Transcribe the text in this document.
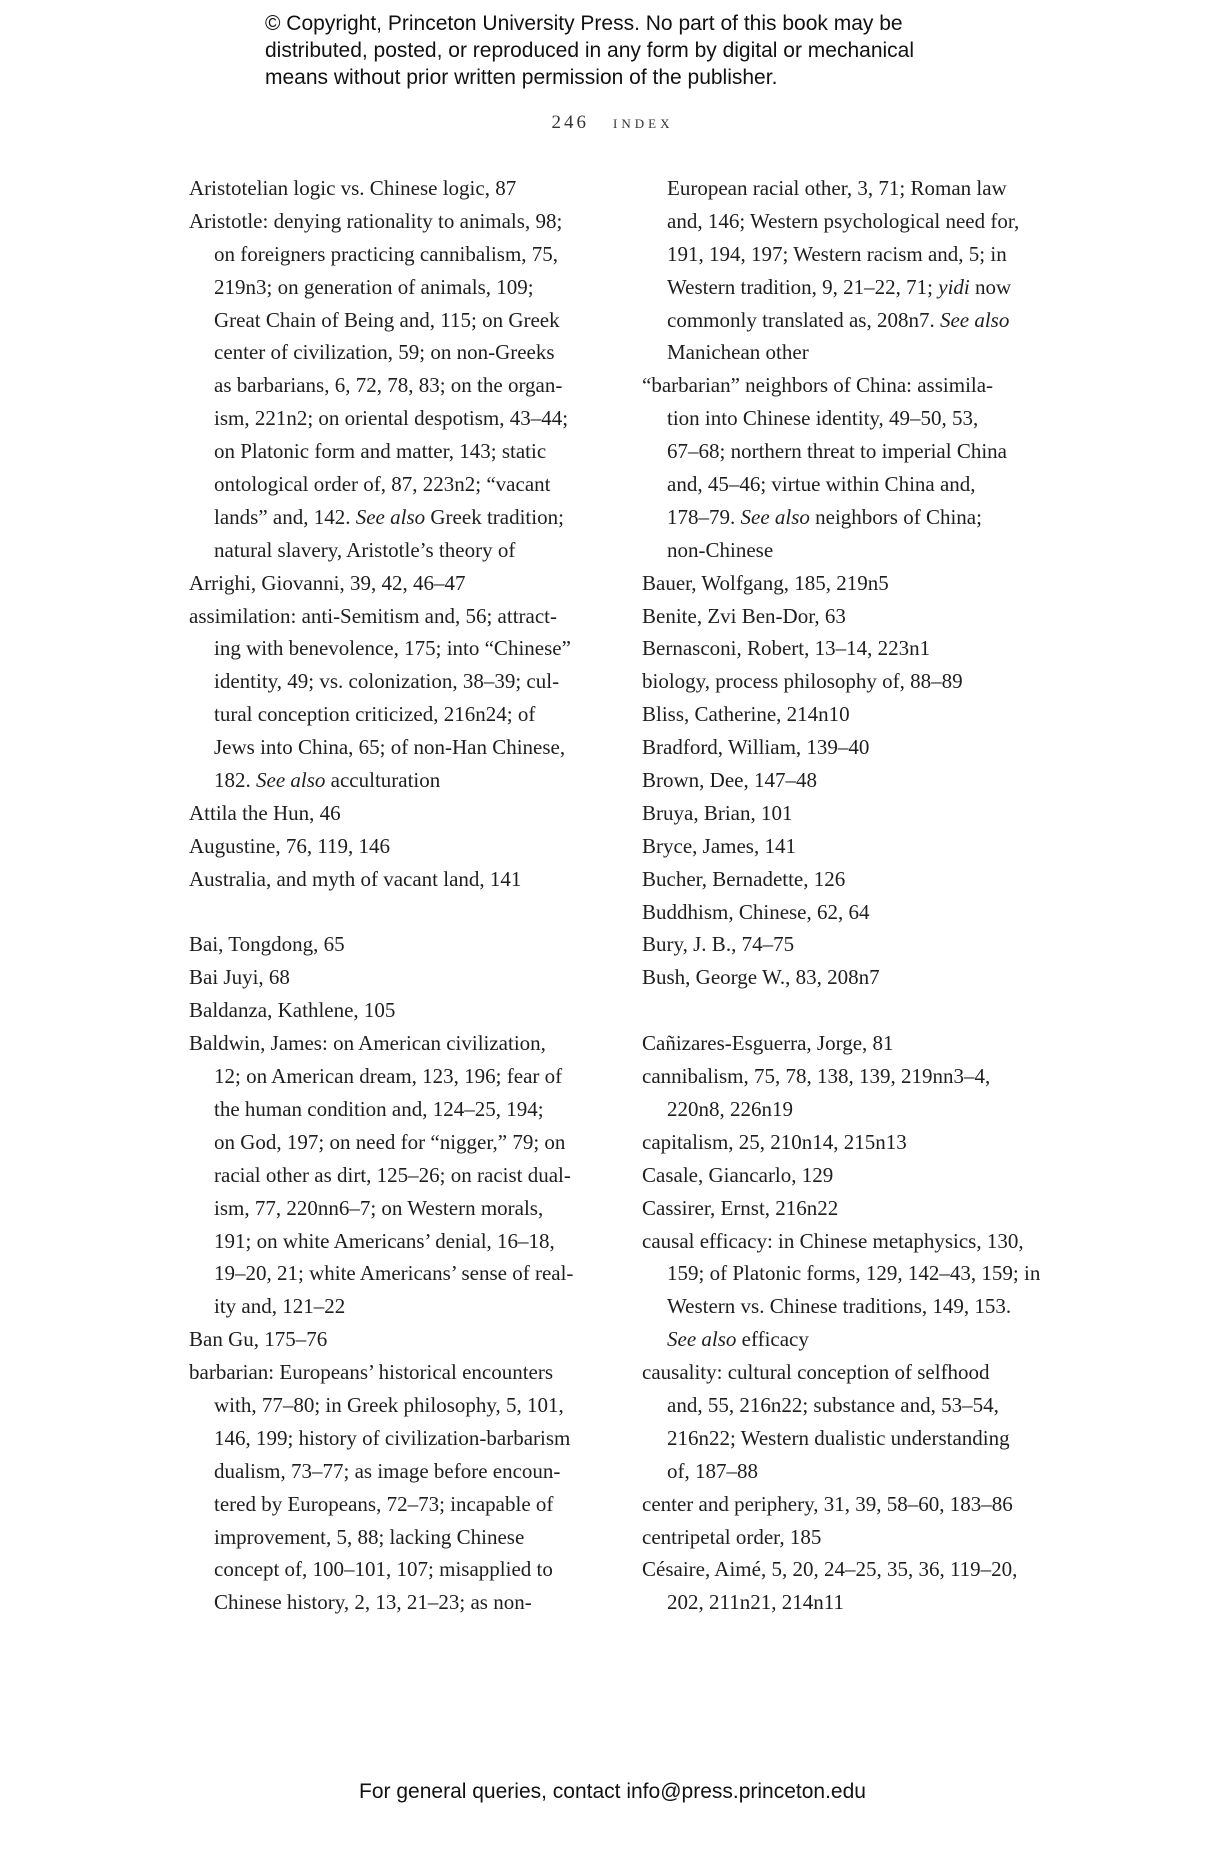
© Copyright, Princeton University Press. No part of this book may be
distributed, posted, or reproduced in any form by digital or mechanical
means without prior written permission of the publisher.
246 index
Aristotelian logic vs. Chinese logic, 87
Aristotle: denying rationality to animals, 98;
on foreigners practicing cannibalism, 75,
219n3; on generation of animals, 109;
Great Chain of Being and, 115; on Greek
center of civilization, 59; on non-Greeks
as barbarians, 6, 72, 78, 83; on the organ-
ism, 221n2; on oriental despotism, 43–44;
on Platonic form and matter, 143; static
ontological order of, 87, 223n2; “vacant
lands” and, 142. See also Greek tradition;
natural slavery, Aristotle’s theory of
Arrighi, Giovanni, 39, 42, 46–47
assimilation: anti-Semitism and, 56; attract-
ing with benevolence, 175; into “Chinese”
identity, 49; vs. colonization, 38–39; cul-
tural conception criticized, 216n24; of
Jews into China, 65; of non-Han Chinese,
182. See also acculturation
Attila the Hun, 46
Augustine, 76, 119, 146
Australia, and myth of vacant land, 141
Bai, Tongdong, 65
Bai Juyi, 68
Baldanza, Kathlene, 105
Baldwin, James: on American civilization,
12; on American dream, 123, 196; fear of
the human condition and, 124–25, 194;
on God, 197; on need for “nigger,” 79; on
racial other as dirt, 125–26; on racist dual-
ism, 77, 220nn6–7; on Western morals,
191; on white Americans’ denial, 16–18,
19–20, 21; white Americans’ sense of real-
ity and, 121–22
Ban Gu, 175–76
barbarian: Europeans’ historical encounters
with, 77–80; in Greek philosophy, 5, 101,
146, 199; history of civilization-barbarism
dualism, 73–77; as image before encoun-
tered by Europeans, 72–73; incapable of
improvement, 5, 88; lacking Chinese
concept of, 100–101, 107; misapplied to
Chinese history, 2, 13, 21–23; as non-
European racial other, 3, 71; Roman law
and, 146; Western psychological need for,
191, 194, 197; Western racism and, 5; in
Western tradition, 9, 21–22, 71; yidi now
commonly translated as, 208n7. See also
Manichean other
“barbarian” neighbors of China: assimila-
tion into Chinese identity, 49–50, 53,
67–68; northern threat to imperial China
and, 45–46; virtue within China and,
178–79. See also neighbors of China;
non-Chinese
Bauer, Wolfgang, 185, 219n5
Benite, Zvi Ben-Dor, 63
Bernasconi, Robert, 13–14, 223n1
biology, process philosophy of, 88–89
Bliss, Catherine, 214n10
Bradford, William, 139–40
Brown, Dee, 147–48
Bruya, Brian, 101
Bryce, James, 141
Bucher, Bernadette, 126
Buddhism, Chinese, 62, 64
Bury, J. B., 74–75
Bush, George W., 83, 208n7
Cañizares-Esguerra, Jorge, 81
cannibalism, 75, 78, 138, 139, 219nn3–4,
220n8, 226n19
capitalism, 25, 210n14, 215n13
Casale, Giancarlo, 129
Cassirer, Ernst, 216n22
causal efficacy: in Chinese metaphysics, 130,
159; of Platonic forms, 129, 142–43, 159; in
Western vs. Chinese traditions, 149, 153.
See also efficacy
causality: cultural conception of selfhood
and, 55, 216n22; substance and, 53–54,
216n22; Western dualistic understanding
of, 187–88
center and periphery, 31, 39, 58–60, 183–86
centripetal order, 185
Césaire, Aimé, 5, 20, 24–25, 35, 36, 119–20,
202, 211n21, 214n11
For general queries, contact info@press.princeton.edu
